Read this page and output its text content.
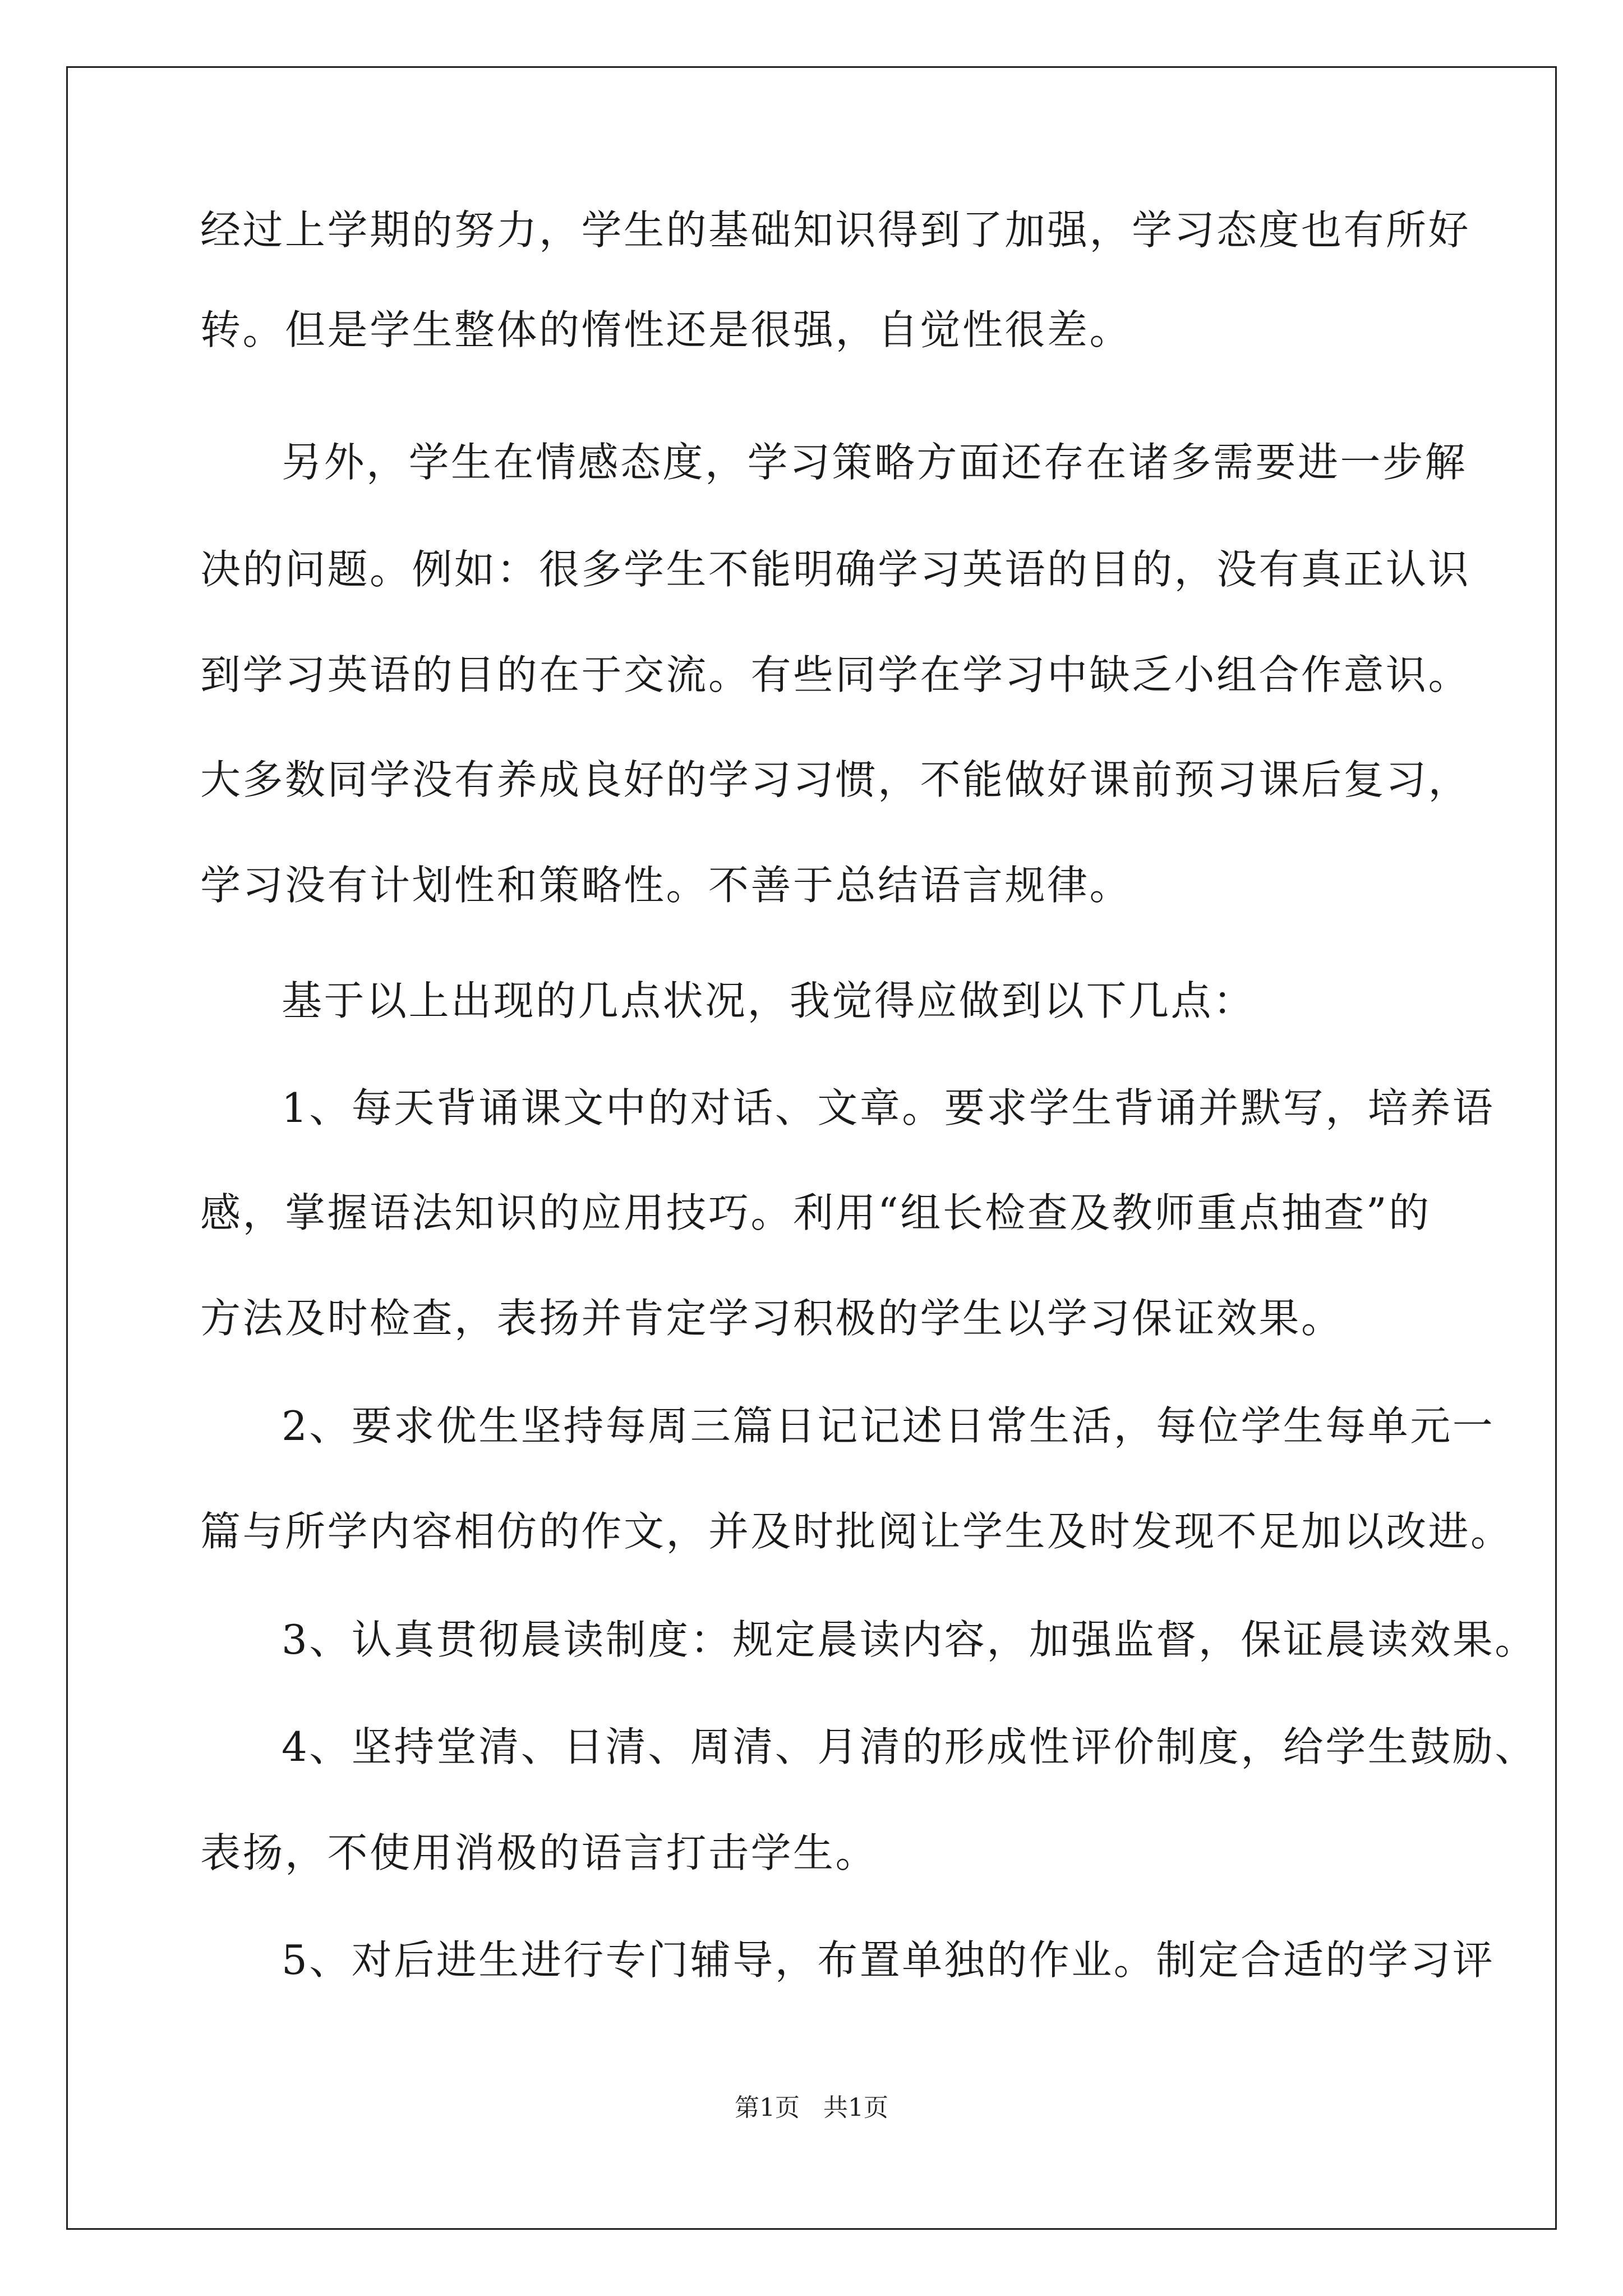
经过上学期的努力，学生的基础知识得到了加强，学习态度也有所好
转。但是学生整体的惰性还是很强，自觉性很差。
另外，学生在情感态度，学习策略方面还存在诸多需要进一步解
决的问题。例如：很多学生不能明确学习英语的目的，没有真正认识
到学习英语的目的在于交流。有些同学在学习中缺乏小组合作意识。
大多数同学没有养成良好的学习习惯，不能做好课前预习课后复习，
学习没有计划性和策略性。不善于总结语言规律。
基于以上出现的几点状况，我觉得应做到以下几点：
1、每天背诵课文中的对话、文章。要求学生背诵并默写，培养语
感，掌握语法知识的应用技巧。利用“组长检查及教师重点抽查”的
方法及时检查，表扬并肯定学习积极的学生以学习保证效果。
2、要求优生坚持每周三篇日记记述日常生活，每位学生每单元一
篇与所学内容相仿的作文，并及时批阅让学生及时发现不足加以改进。
3、认真贯彻晨读制度：规定晨读内容，加强监督，保证晨读效果。
4、坚持堂清、日清、周清、月清的形成性评价制度，给学生鼓励、
表扬，不使用消极的语言打击学生。
5、对后进生进行专门辅导，布置单独的作业。制定合适的学习评
第1页   共1页
